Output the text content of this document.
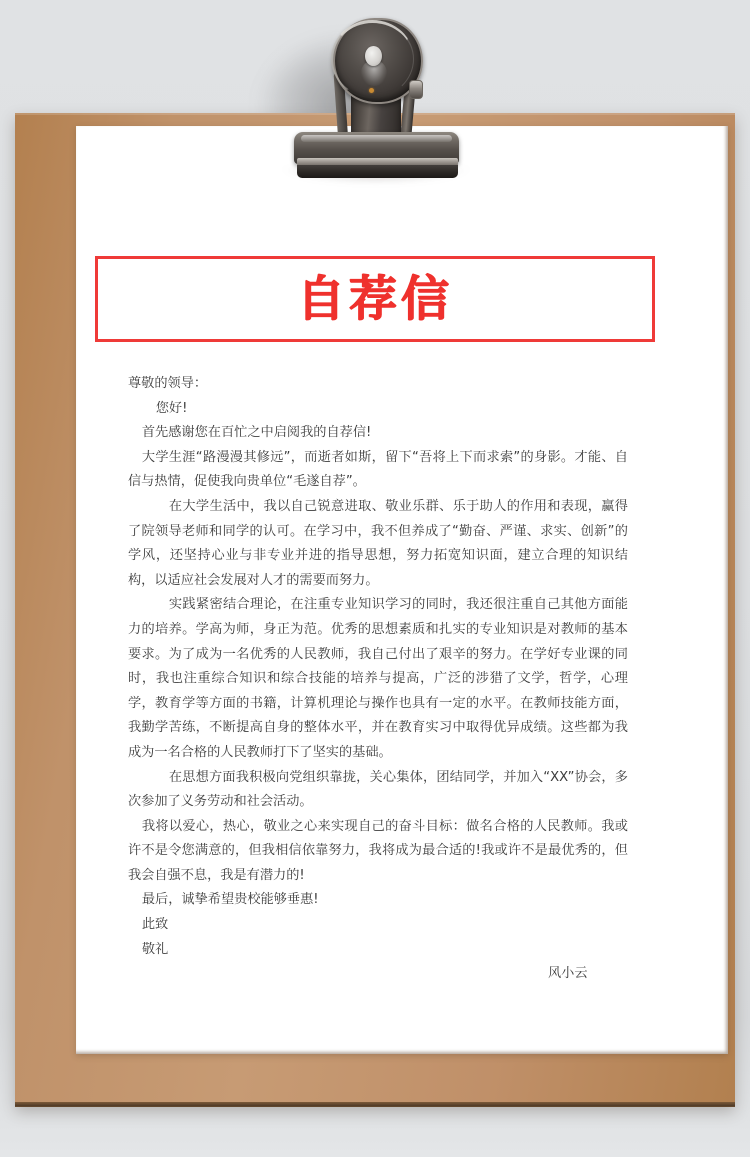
自荐信

尊敬的领导：

您好!

首先感谢您在百忙之中启阅我的自荐信!

大学生涯“路漫漫其修远”，而逝者如斯，留下“吾将上下而求索”的身影。才能、自信与热情，促使我向贵单位“毛遂自荐”。

在大学生活中，我以自己锐意进取、敬业乐群、乐于助人的作用和表现，赢得了院领导老师和同学的认可。在学习中，我不但养成了“勤奋、严谨、求实、创新”的学风，还坚持心业与非专业并进的指导思想，努力拓宽知识面，建立合理的知识结构，以适应社会发展对人才的需要而努力。

实践紧密结合理论，在注重专业知识学习的同时，我还很注重自己其他方面能力的培养。学高为师，身正为范。优秀的思想素质和扎实的专业知识是对教师的基本要求。为了成为一名优秀的人民教师，我自己付出了艰辛的努力。在学好专业课的同时，我也注重综合知识和综合技能的培养与提高，广泛的涉猎了文学，哲学，心理学，教育学等方面的书籍，计算机理论与操作也具有一定的水平。在教师技能方面，我勤学苦练，不断提高自身的整体水平，并在教育实习中取得优异成绩。这些都为我成为一名合格的人民教师打下了坚实的基础。

在思想方面我积极向党组织靠拢，关心集体，团结同学，并加入“XX”协会，多次参加了义务劳动和社会活动。

我将以爱心，热心，敬业之心来实现自己的奋斗目标：做名合格的人民教师。我或许不是令您满意的，但我相信依靠努力，我将成为最合适的!我或许不是最优秀的，但我会自强不息，我是有潜力的!

最后，诚挚希望贵校能够垂惠!

此致

敬礼

风小云
